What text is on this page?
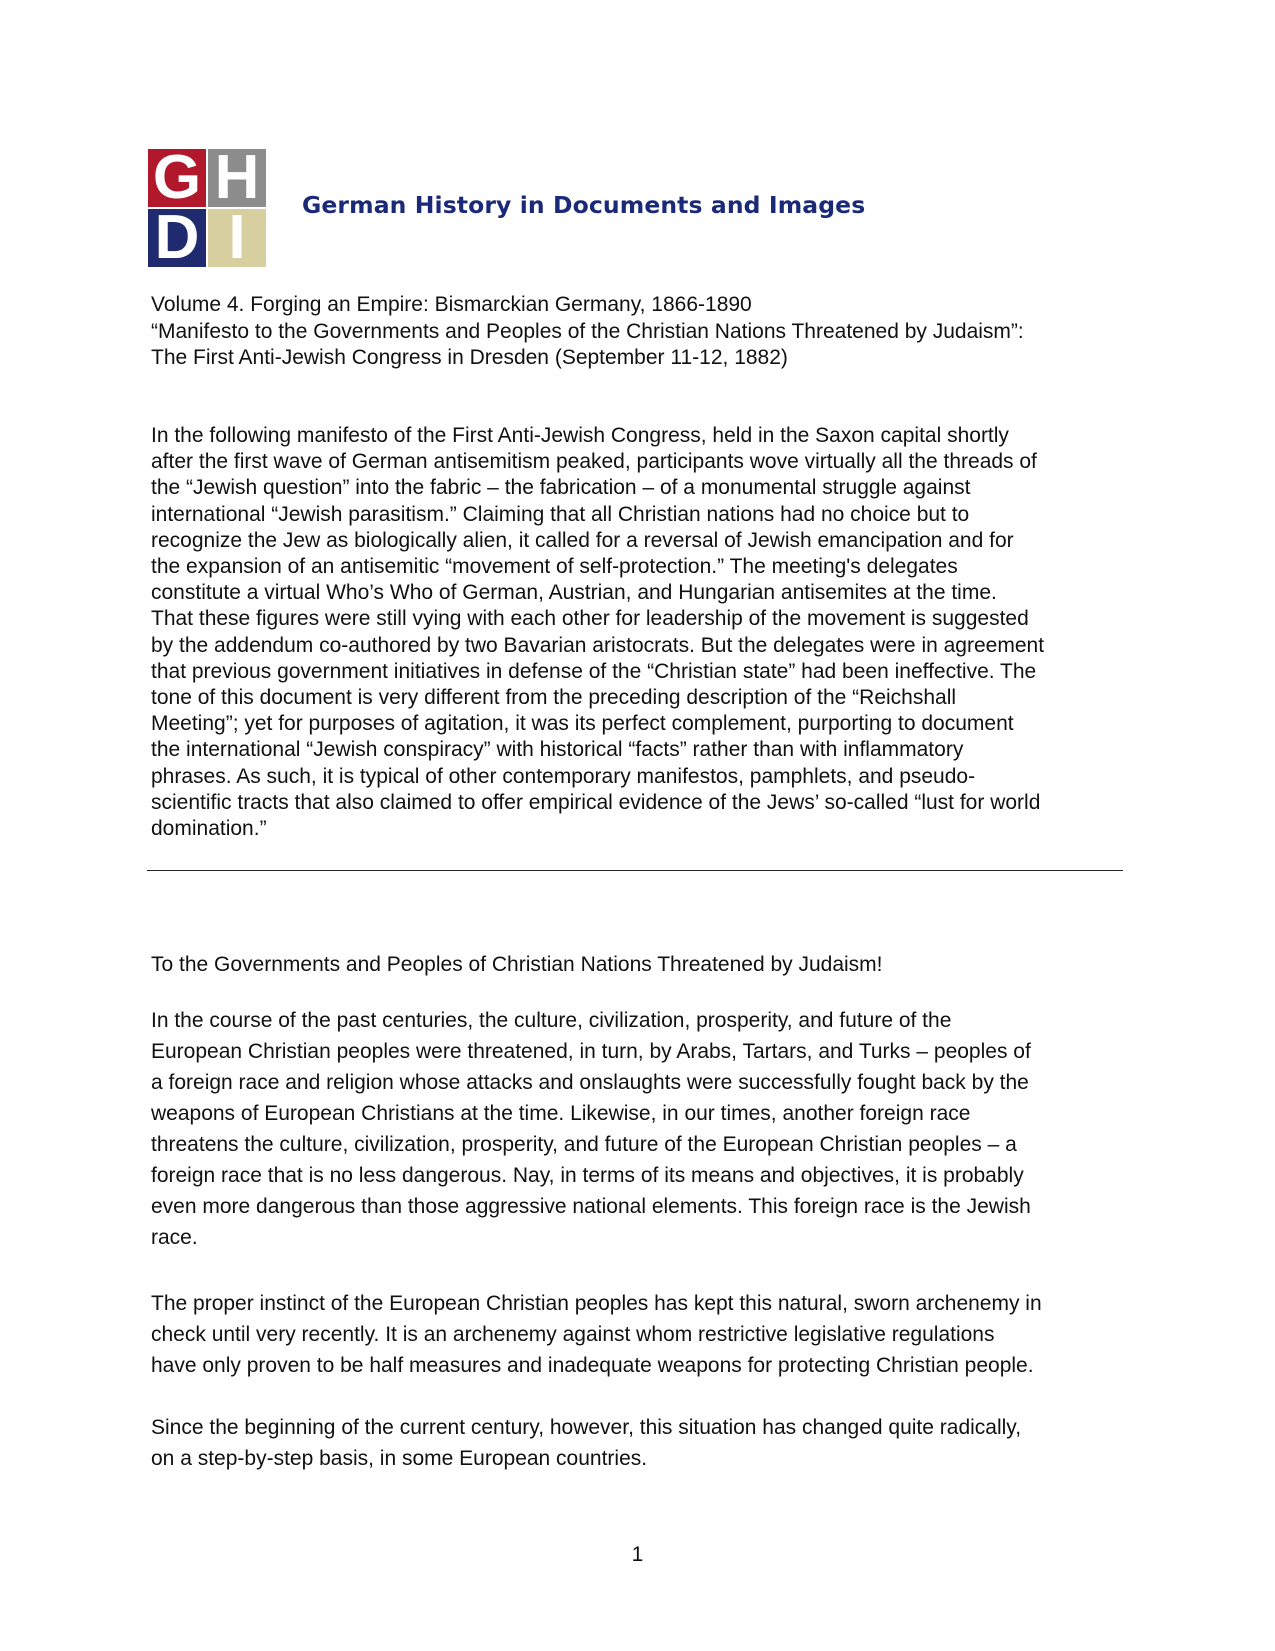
G H
D I	German History in Documents and Images
Volume 4. Forging an Empire: Bismarckian Germany, 1866-1890
“Manifesto to the Governments and Peoples of the Christian Nations Threatened by Judaism”:
The First Anti-Jewish Congress in Dresden (September 11-12, 1882)

In the following manifesto of the First Anti-Jewish Congress, held in the Saxon capital shortly
after the first wave of German antisemitism peaked, participants wove virtually all the threads of
the “Jewish question” into the fabric – the fabrication – of a monumental struggle against
international “Jewish parasitism.” Claiming that all Christian nations had no choice but to
recognize the Jew as biologically alien, it called for a reversal of Jewish emancipation and for
the expansion of an antisemitic “movement of self-protection.” The meeting's delegates
constitute a virtual Who’s Who of German, Austrian, and Hungarian antisemites at the time.
That these figures were still vying with each other for leadership of the movement is suggested
by the addendum co-authored by two Bavarian aristocrats. But the delegates were in agreement
that previous government initiatives in defense of the “Christian state” had been ineffective. The
tone of this document is very different from the preceding description of the “Reichshall
Meeting”; yet for purposes of agitation, it was its perfect complement, purporting to document
the international “Jewish conspiracy” with historical “facts” rather than with inflammatory
phrases. As such, it is typical of other contemporary manifestos, pamphlets, and pseudo-
scientific tracts that also claimed to offer empirical evidence of the Jews’ so-called “lust for world
domination.”

To the Governments and Peoples of Christian Nations Threatened by Judaism!

In the course of the past centuries, the culture, civilization, prosperity, and future of the
European Christian peoples were threatened, in turn, by Arabs, Tartars, and Turks – peoples of
a foreign race and religion whose attacks and onslaughts were successfully fought back by the
weapons of European Christians at the time. Likewise, in our times, another foreign race
threatens the culture, civilization, prosperity, and future of the European Christian peoples – a
foreign race that is no less dangerous. Nay, in terms of its means and objectives, it is probably
even more dangerous than those aggressive national elements. This foreign race is the Jewish
race.

The proper instinct of the European Christian peoples has kept this natural, sworn archenemy in
check until very recently. It is an archenemy against whom restrictive legislative regulations
have only proven to be half measures and inadequate weapons for protecting Christian people.

Since the beginning of the current century, however, this situation has changed quite radically,
on a step-by-step basis, in some European countries.

1
